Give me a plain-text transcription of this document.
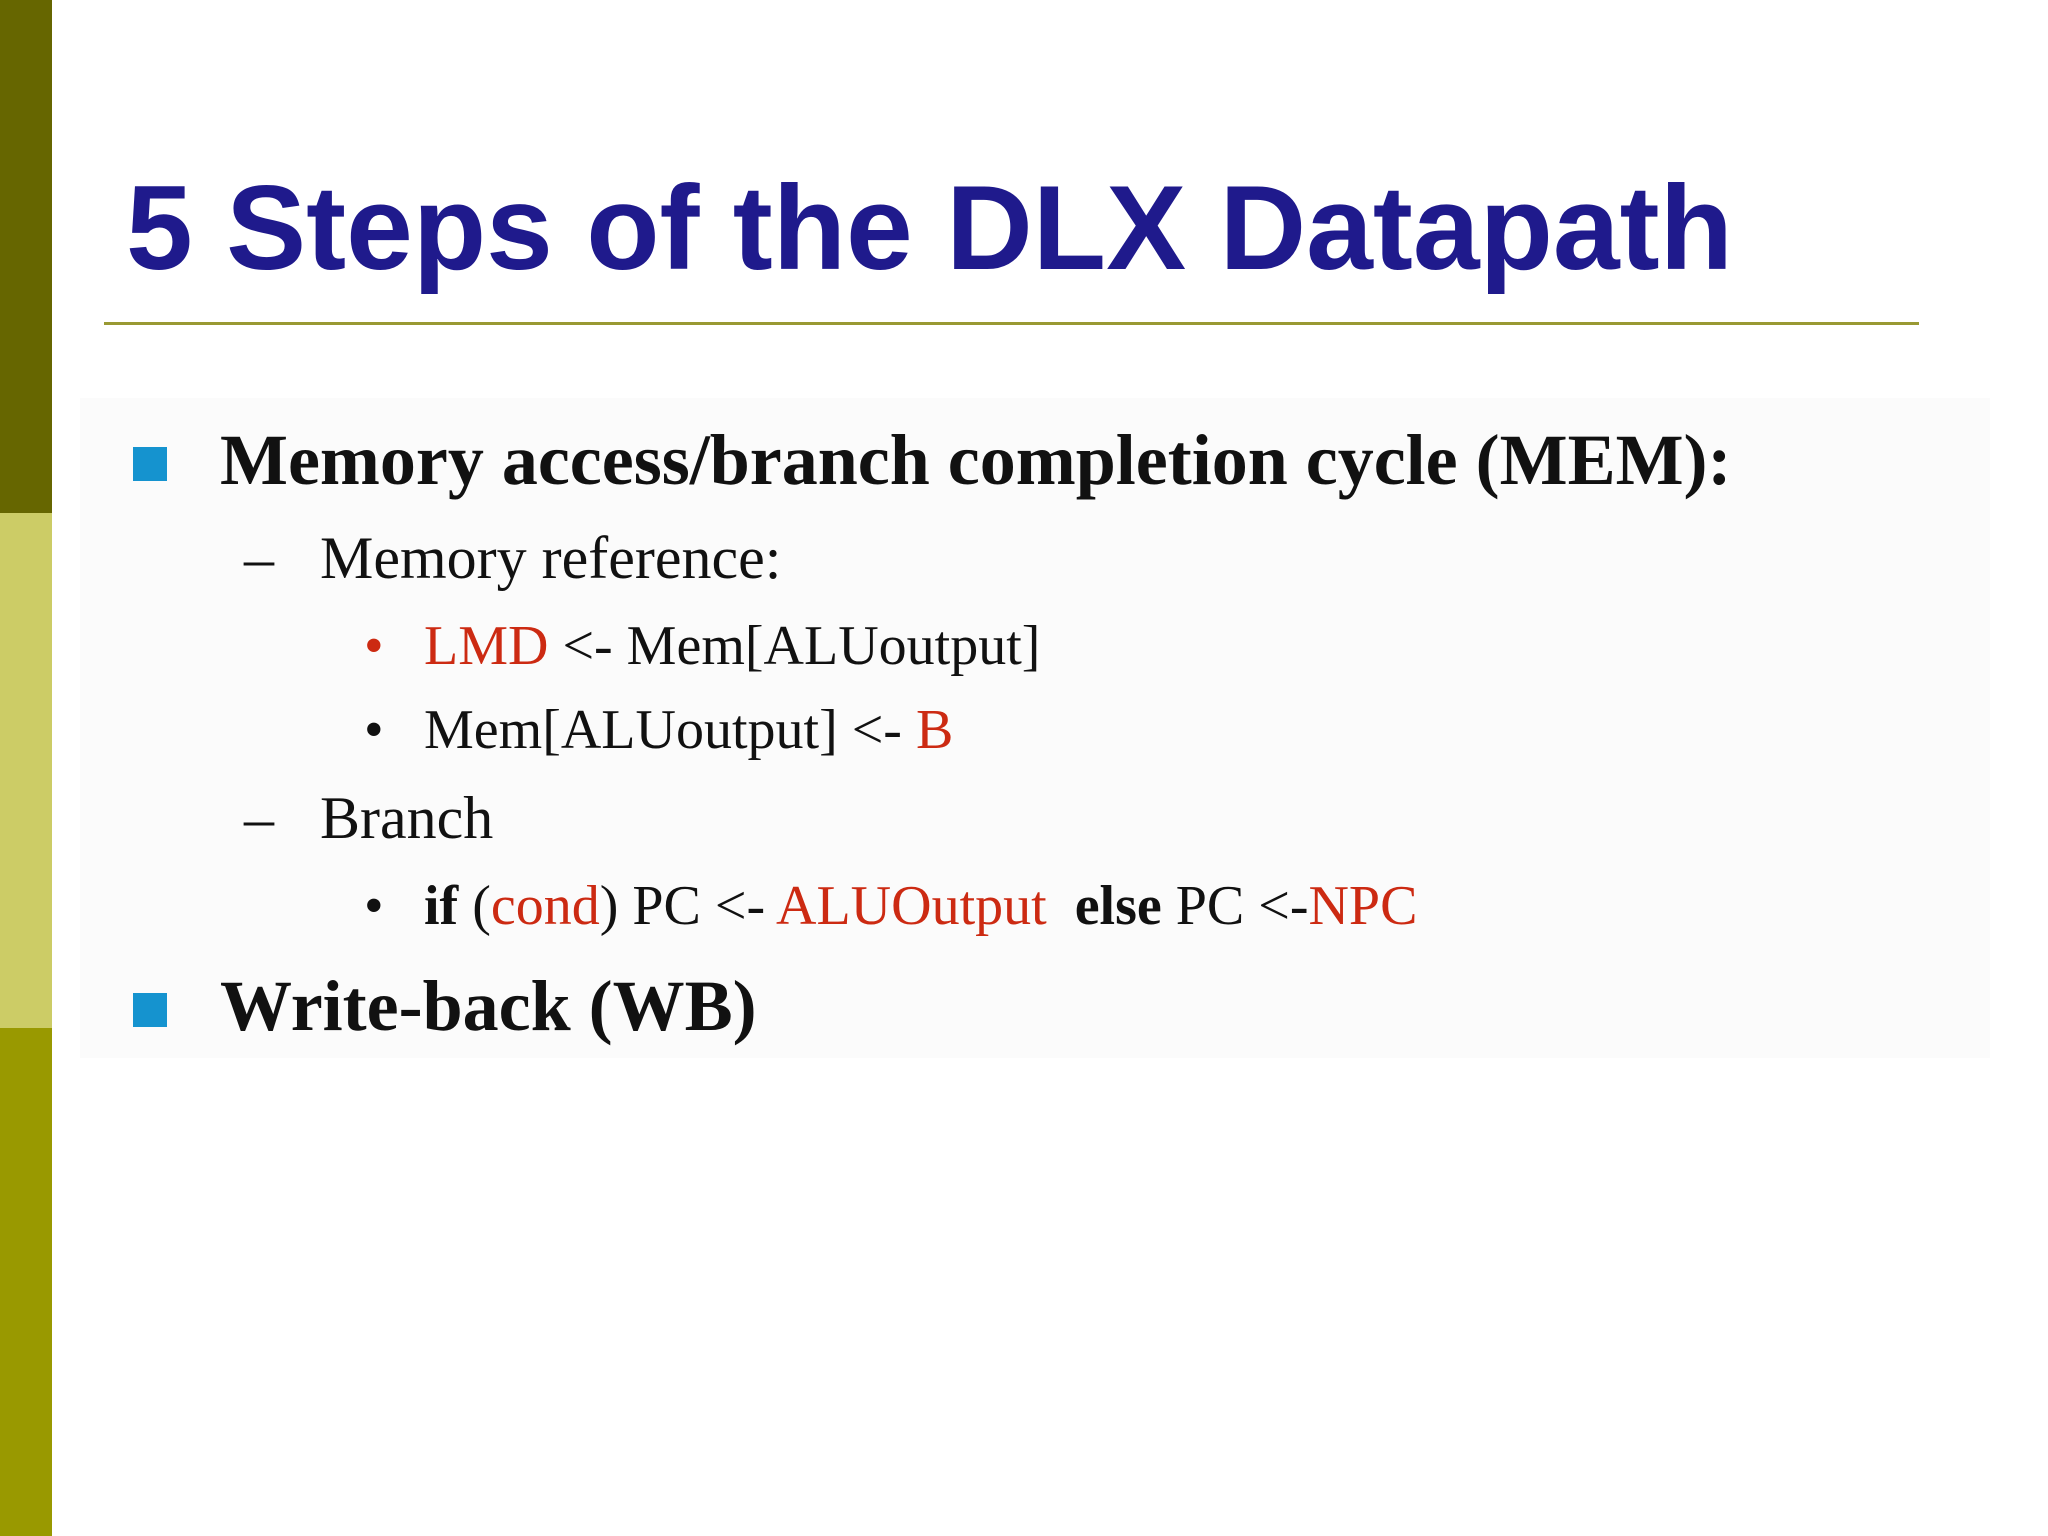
5 Steps of the DLX Datapath
Memory access/branch completion cycle (MEM):
– Memory reference:
• LMD <- Mem[ALUoutput]
• Mem[ALUoutput] <- B
– Branch
• if (cond) PC <- ALUOutput else PC <-NPC
Write-back (WB)
